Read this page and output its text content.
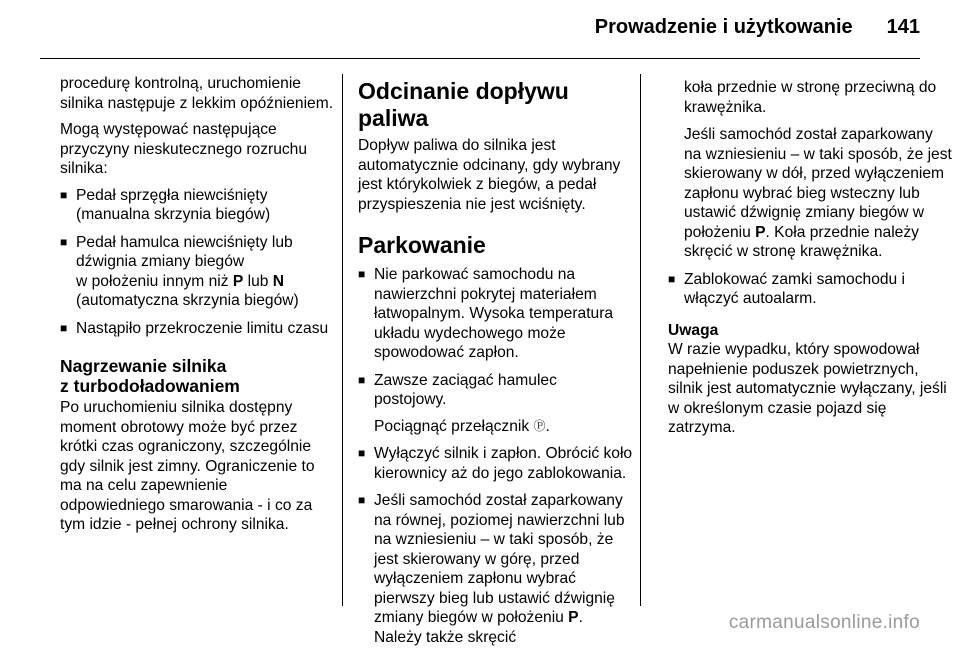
Prowadzenie i użytkowanie 141

procedurę kontrolną, uruchomienie silnika następuje z lekkim opóźnieniem.

Mogą występować następujące przyczyny nieskutecznego rozruchu silnika:

■ Pedał sprzęgła niewciśnięty (manualna skrzynia biegów)
■ Pedał hamulca niewciśnięty lub dźwignia zmiany biegów
w położeniu innym niż P lub N
(automatyczna skrzynia biegów)
■ Nastąpiło przekroczenie limitu czasu
Nagrzewanie silnika
z turbodoładowaniem

Po uruchomieniu silnika dostępny moment obrotowy może być przez krótki czas ograniczony, szczególnie gdy silnik jest zimny. Ograniczenie to ma na celu zapewnienie odpowiedniego smarowania - i co za tym idzie - pełnej ochrony silnika.

Odcinanie dopływu paliwa

Dopływ paliwa do silnika jest automatycznie odcinany, gdy wybrany jest którykolwiek z biegów, a pedał przyspieszenia nie jest wciśnięty.

Parkowanie
■ Nie parkować samochodu na nawierzchni pokrytej materiałem łatwopalnym. Wysoka temperatura układu wydechowego może spowodować zapłon.
■ Zawsze zaciągać hamulec postojowy.
Pociągnąć przełącznik Ⓟ.
■ Wyłączyć silnik i zapłon. Obrócić koło kierownicy aż do jego zablokowania.
■ Jeśli samochód został zaparkowany na równej, poziomej nawierzchni lub na wzniesieniu – w taki sposób, że jest skierowany w górę, przed wyłączeniem zapłonu wybrać pierwszy bieg lub ustawić dźwignię zmiany biegów w położeniu P. Należy także skręcić
koła przednie w stronę przeciwną do krawężnika.
Jeśli samochód został zaparkowany na wzniesieniu – w taki sposób, że jest skierowany w dół, przed wyłączeniem zapłonu wybrać bieg wsteczny lub ustawić dźwignię zmiany biegów w położeniu P. Koła przednie należy skręcić w stronę krawężnika.
■ Zablokować zamki samochodu i włączyć autoalarm.
Uwaga
W razie wypadku, który spowodował napełnienie poduszek powietrznych, silnik jest automatycznie wyłączany, jeśli w określonym czasie pojazd się zatrzyma.
carmanualsonline.info
